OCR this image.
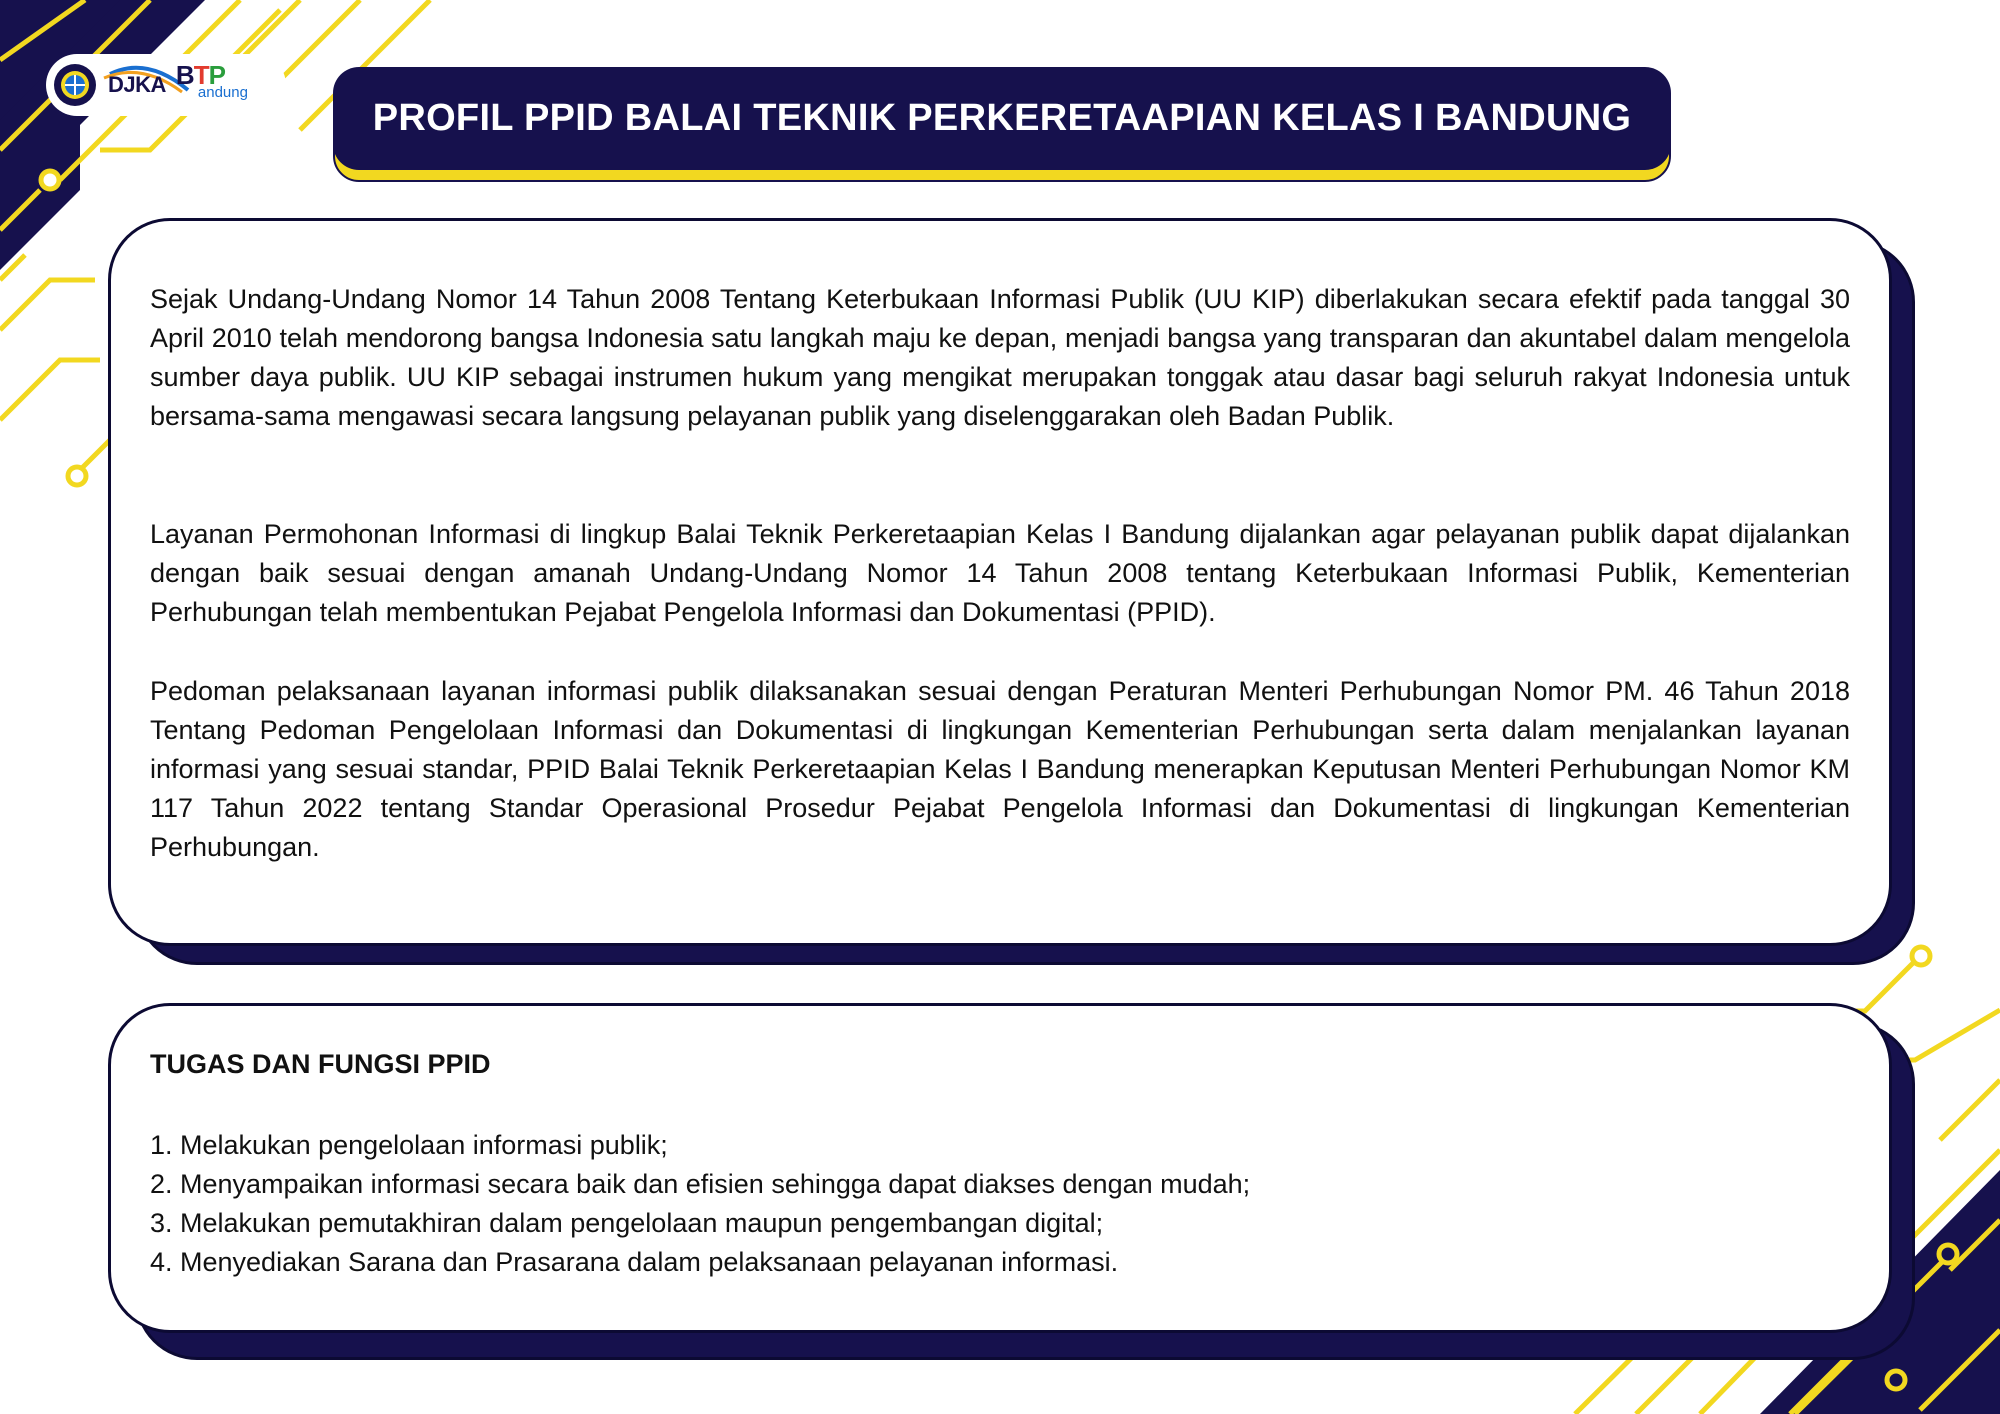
DJKA BTP
andung
PROFIL PPID BALAI TEKNIK PERKERETAAPIAN KELAS I BANDUNG
Sejak Undang-Undang Nomor 14 Tahun 2008 Tentang Keterbukaan Informasi Publik (UU KIP) diberlakukan secara efektif pada tanggal 30 April 2010 telah mendorong bangsa Indonesia satu langkah maju ke depan, menjadi bangsa yang transparan dan akuntabel dalam mengelola sumber daya publik. UU KIP sebagai instrumen hukum yang mengikat merupakan tonggak atau dasar bagi seluruh rakyat Indonesia untuk bersama-sama mengawasi secara langsung pelayanan publik yang diselenggarakan oleh Badan Publik.
Layanan Permohonan Informasi di lingkup Balai Teknik Perkeretaapian Kelas I Bandung dijalankan agar pelayanan publik dapat dijalankan dengan baik sesuai dengan amanah Undang-Undang Nomor 14 Tahun 2008 tentang Keterbukaan Informasi Publik, Kementerian Perhubungan telah membentukan Pejabat Pengelola Informasi dan Dokumentasi (PPID).
Pedoman pelaksanaan layanan informasi publik dilaksanakan sesuai dengan Peraturan Menteri Perhubungan Nomor PM. 46 Tahun 2018 Tentang Pedoman Pengelolaan Informasi dan Dokumentasi di lingkungan Kementerian Perhubungan serta dalam menjalankan layanan informasi yang sesuai standar, PPID Balai Teknik Perkeretaapian Kelas I Bandung menerapkan Keputusan Menteri Perhubungan Nomor KM 117 Tahun 2022 tentang Standar Operasional Prosedur Pejabat Pengelola Informasi dan Dokumentasi di lingkungan Kementerian Perhubungan.
TUGAS DAN FUNGSI PPID
1. Melakukan pengelolaan informasi publik;
2. Menyampaikan informasi secara baik dan efisien sehingga dapat diakses dengan mudah;
3. Melakukan pemutakhiran dalam pengelolaan maupun pengembangan digital;
4. Menyediakan Sarana dan Prasarana dalam pelaksanaan pelayanan informasi.
